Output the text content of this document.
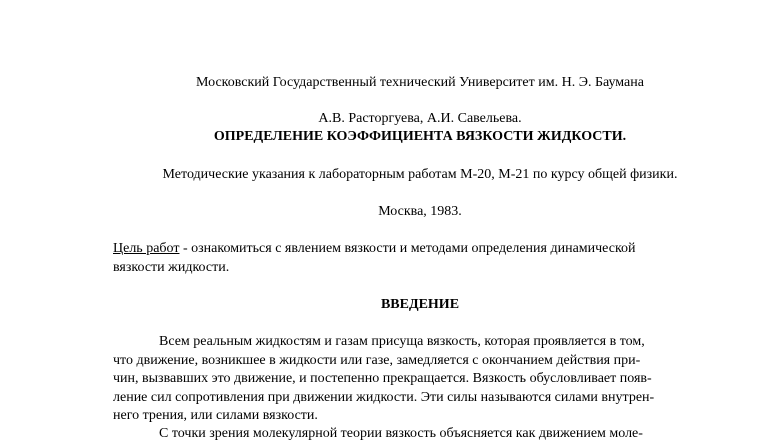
Московский Государственный технический Университет им. Н. Э. Баумана
А.В. Расторгуева, А.И. Савельева.
ОПРЕДЕЛЕНИЕ КОЭФФИЦИЕНТА ВЯЗКОСТИ ЖИДКОСТИ.
Методические указания к лабораторным работам М-20, М-21 по курсу общей физики.
Москва, 1983.
Цель работ - ознакомиться с явлением вязкости и методами определения динамической
вязкости жидкости.
ВВЕДЕНИЕ
Всем реальным жидкостям и газам присуща вязкость, которая проявляется в том,
что движение, возникшее в жидкости или газе, замедляется с окончанием действия при-
чин, вызвавших это движение, и постепенно прекращается. Вязкость обусловливает появ-
ление сил сопротивления при движении жидкости. Эти силы называются силами внутрен-
него трения, или силами вязкости.
С точки зрения молекулярной теории вязкость объясняется как движением моле-
